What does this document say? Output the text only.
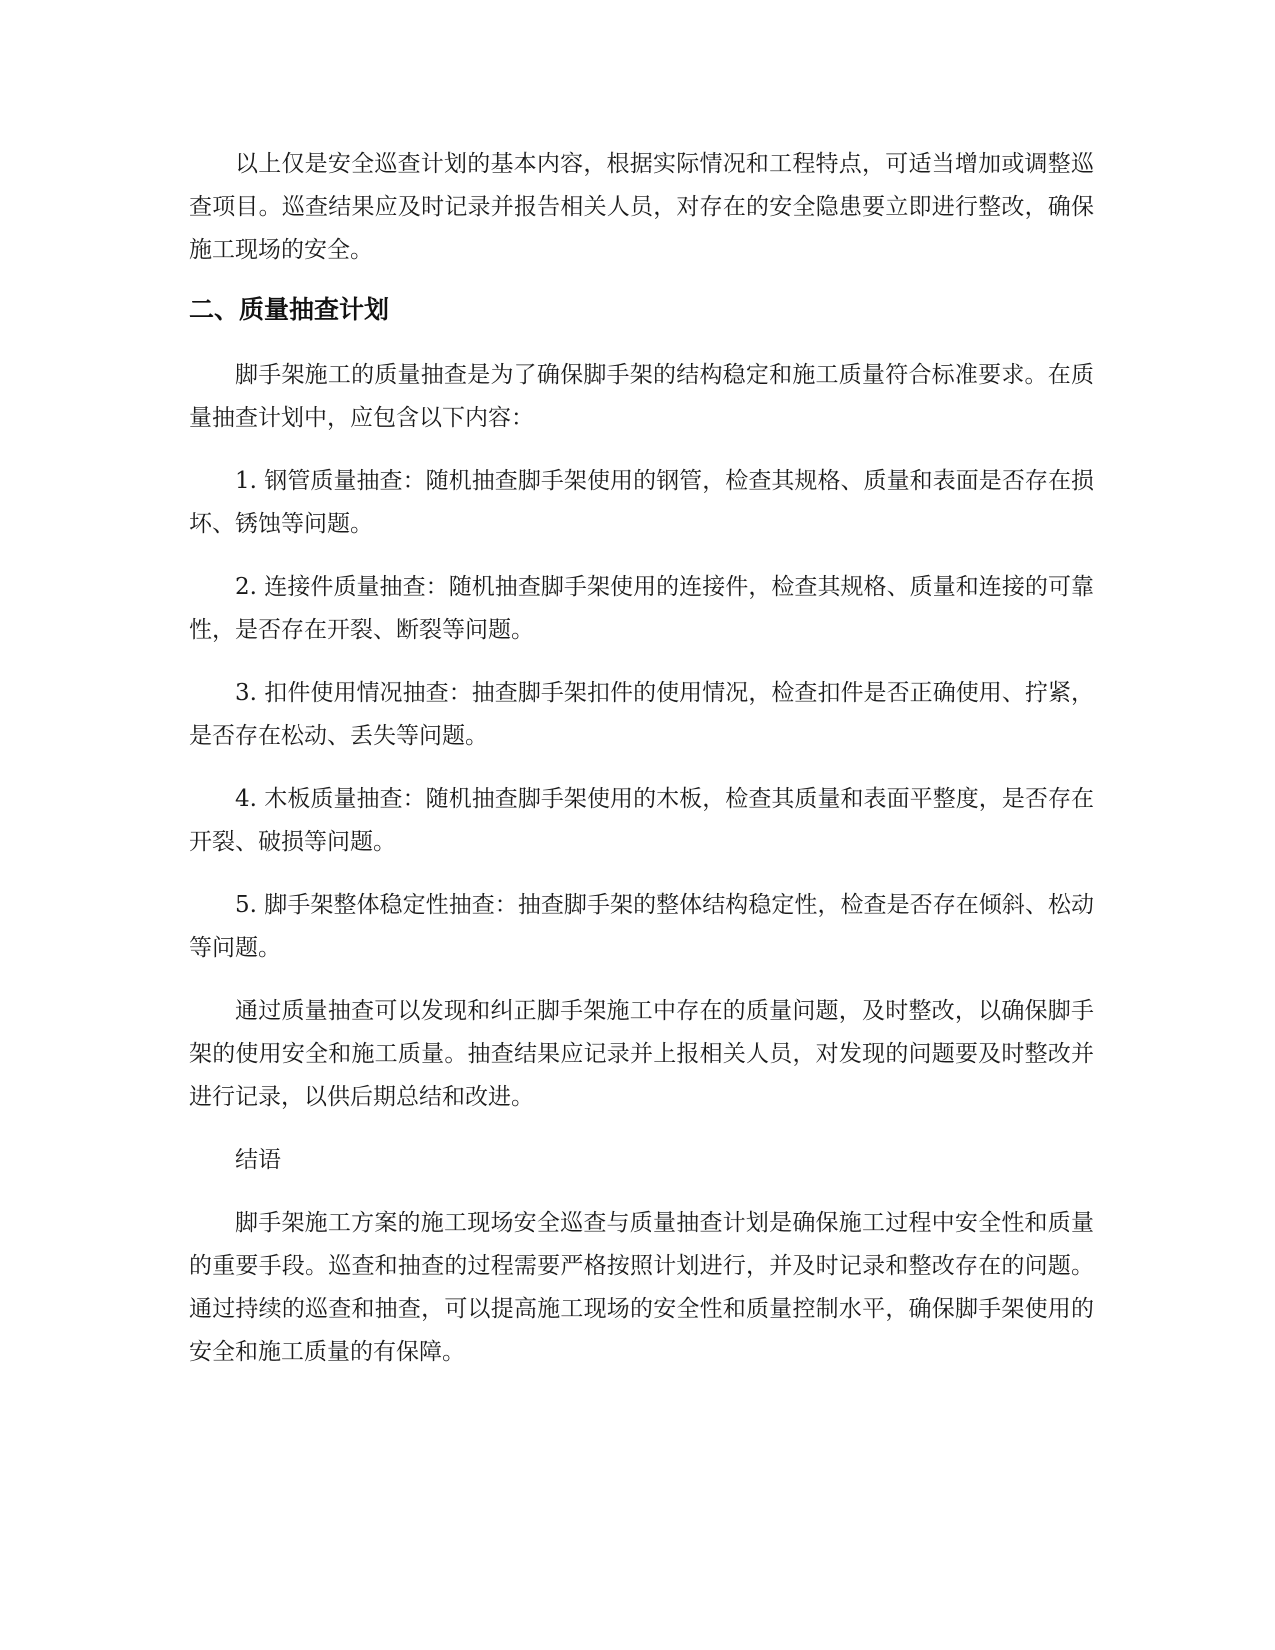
以上仅是安全巡查计划的基本内容，根据实际情况和工程特点，可适当增加或调整巡查项目。巡查结果应及时记录并报告相关人员，对存在的安全隐患要立即进行整改，确保施工现场的安全。

二、质量抽查计划

脚手架施工的质量抽查是为了确保脚手架的结构稳定和施工质量符合标准要求。在质量抽查计划中，应包含以下内容：

1. 钢管质量抽查：随机抽查脚手架使用的钢管，检查其规格、质量和表面是否存在损坏、锈蚀等问题。

2. 连接件质量抽查：随机抽查脚手架使用的连接件，检查其规格、质量和连接的可靠性，是否存在开裂、断裂等问题。

3. 扣件使用情况抽查：抽查脚手架扣件的使用情况，检查扣件是否正确使用、拧紧，是否存在松动、丢失等问题。

4. 木板质量抽查：随机抽查脚手架使用的木板，检查其质量和表面平整度，是否存在开裂、破损等问题。

5. 脚手架整体稳定性抽查：抽查脚手架的整体结构稳定性，检查是否存在倾斜、松动等问题。

通过质量抽查可以发现和纠正脚手架施工中存在的质量问题，及时整改，以确保脚手架的使用安全和施工质量。抽查结果应记录并上报相关人员，对发现的问题要及时整改并进行记录，以供后期总结和改进。

结语

脚手架施工方案的施工现场安全巡查与质量抽查计划是确保施工过程中安全性和质量的重要手段。巡查和抽查的过程需要严格按照计划进行，并及时记录和整改存在的问题。通过持续的巡查和抽查，可以提高施工现场的安全性和质量控制水平，确保脚手架使用的安全和施工质量的有保障。
